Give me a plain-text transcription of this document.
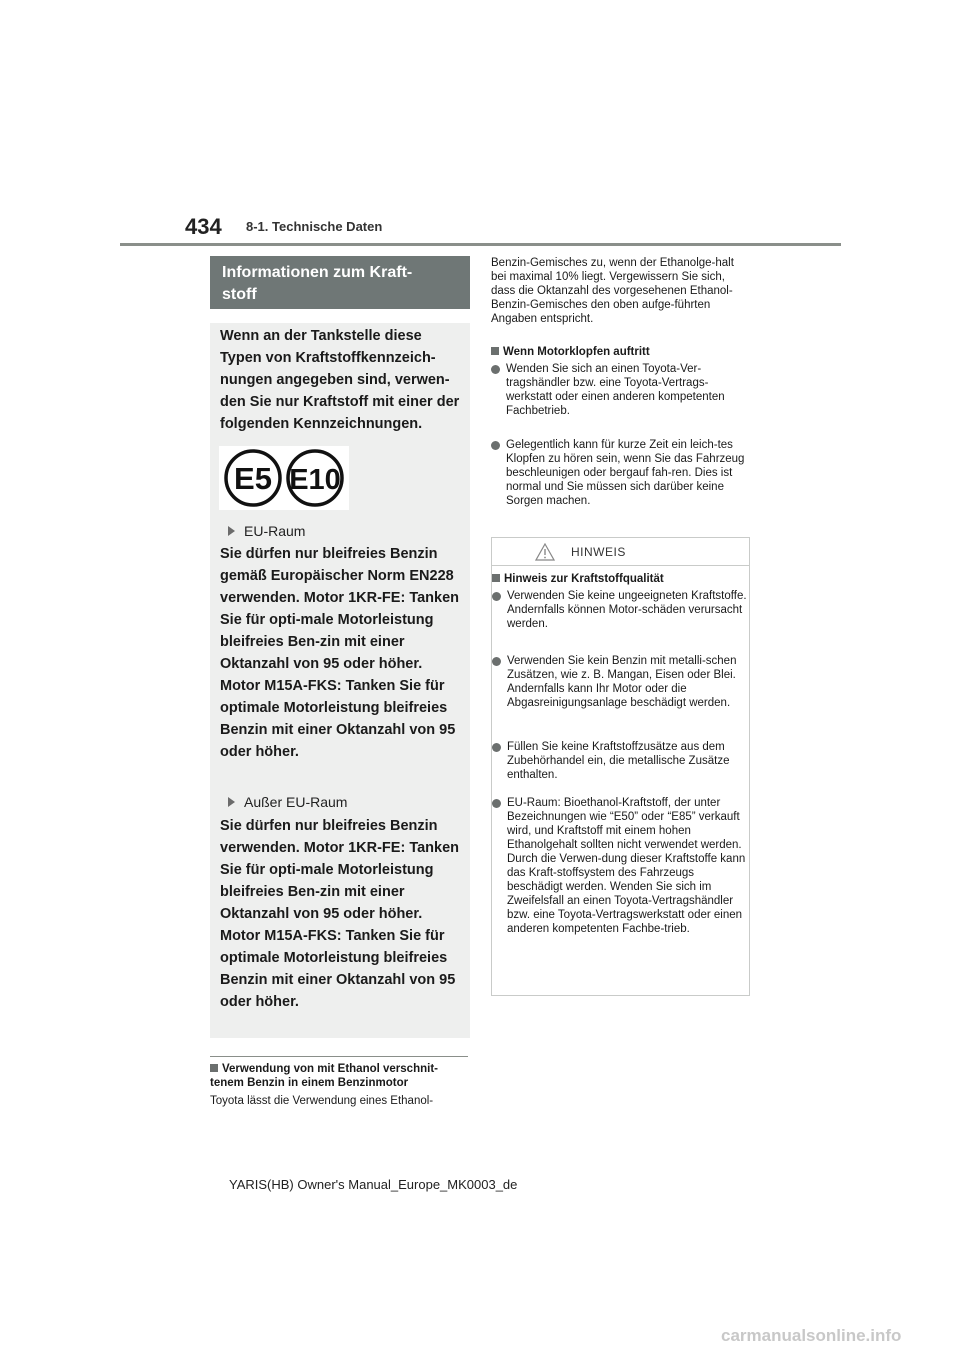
434 8-1. Technische Daten
Informationen zum Kraft-
stoff
Wenn an der Tankstelle diese Typen von Kraftstoffkennzeich-nungen angegeben sind, verwen-den Sie nur Kraftstoff mit einer der folgenden Kennzeichnungen.
E5 E10
EU-Raum
Sie dürfen nur bleifreies Benzin gemäß Europäischer Norm EN228 verwenden. Motor 1KR-FE: Tanken Sie für opti-male Motorleistung bleifreies Ben-zin mit einer Oktanzahl von 95 oder höher. Motor M15A-FKS: Tanken Sie für optimale Motorleistung bleifreies Benzin mit einer Oktanzahl von 95 oder höher.
Außer EU-Raum
Sie dürfen nur bleifreies Benzin verwenden. Motor 1KR-FE: Tanken Sie für opti-male Motorleistung bleifreies Ben-zin mit einer Oktanzahl von 95 oder höher. Motor M15A-FKS: Tanken Sie für optimale Motorleistung bleifreies Benzin mit einer Oktanzahl von 95 oder höher.
Verwendung von mit Ethanol verschnit-tenem Benzin in einem Benzinmotor
Toyota lässt die Verwendung eines Ethanol-
Benzin-Gemisches zu, wenn der Ethanolge-halt bei maximal 10% liegt. Vergewissern Sie sich, dass die Oktanzahl des vorgesehenen Ethanol-Benzin-Gemisches den oben aufge-führten Angaben entspricht.
Wenn Motorklopfen auftritt
Wenden Sie sich an einen Toyota-Ver-tragshändler bzw. eine Toyota-Vertrags-werkstatt oder einen anderen kompetenten Fachbetrieb.
Gelegentlich kann für kurze Zeit ein leich-tes Klopfen zu hören sein, wenn Sie das Fahrzeug beschleunigen oder bergauf fah-ren. Dies ist normal und Sie müssen sich darüber keine Sorgen machen.
HINWEIS
Hinweis zur Kraftstoffqualität
Verwenden Sie keine ungeeigneten Kraftstoffe. Andernfalls können Motor-schäden verursacht werden.
Verwenden Sie kein Benzin mit metalli-schen Zusätzen, wie z. B. Mangan, Eisen oder Blei. Andernfalls kann Ihr Motor oder die Abgasreinigungsanlage beschädigt werden.
Füllen Sie keine Kraftstoffzusätze aus dem Zubehörhandel ein, die metallische Zusätze enthalten.
EU-Raum: Bioethanol-Kraftstoff, der unter Bezeichnungen wie “E50” oder “E85” verkauft wird, und Kraftstoff mit einem hohen Ethanolgehalt sollten nicht verwendet werden. Durch die Verwen-dung dieser Kraftstoffe kann das Kraft-stoffsystem des Fahrzeugs beschädigt werden. Wenden Sie sich im Zweifelsfall an einen Toyota-Vertragshändler bzw. eine Toyota-Vertragswerkstatt oder einen anderen kompetenten Fachbe-trieb.
YARIS(HB) Owner's Manual_Europe_MK0003_de
carmanualsonline.info
